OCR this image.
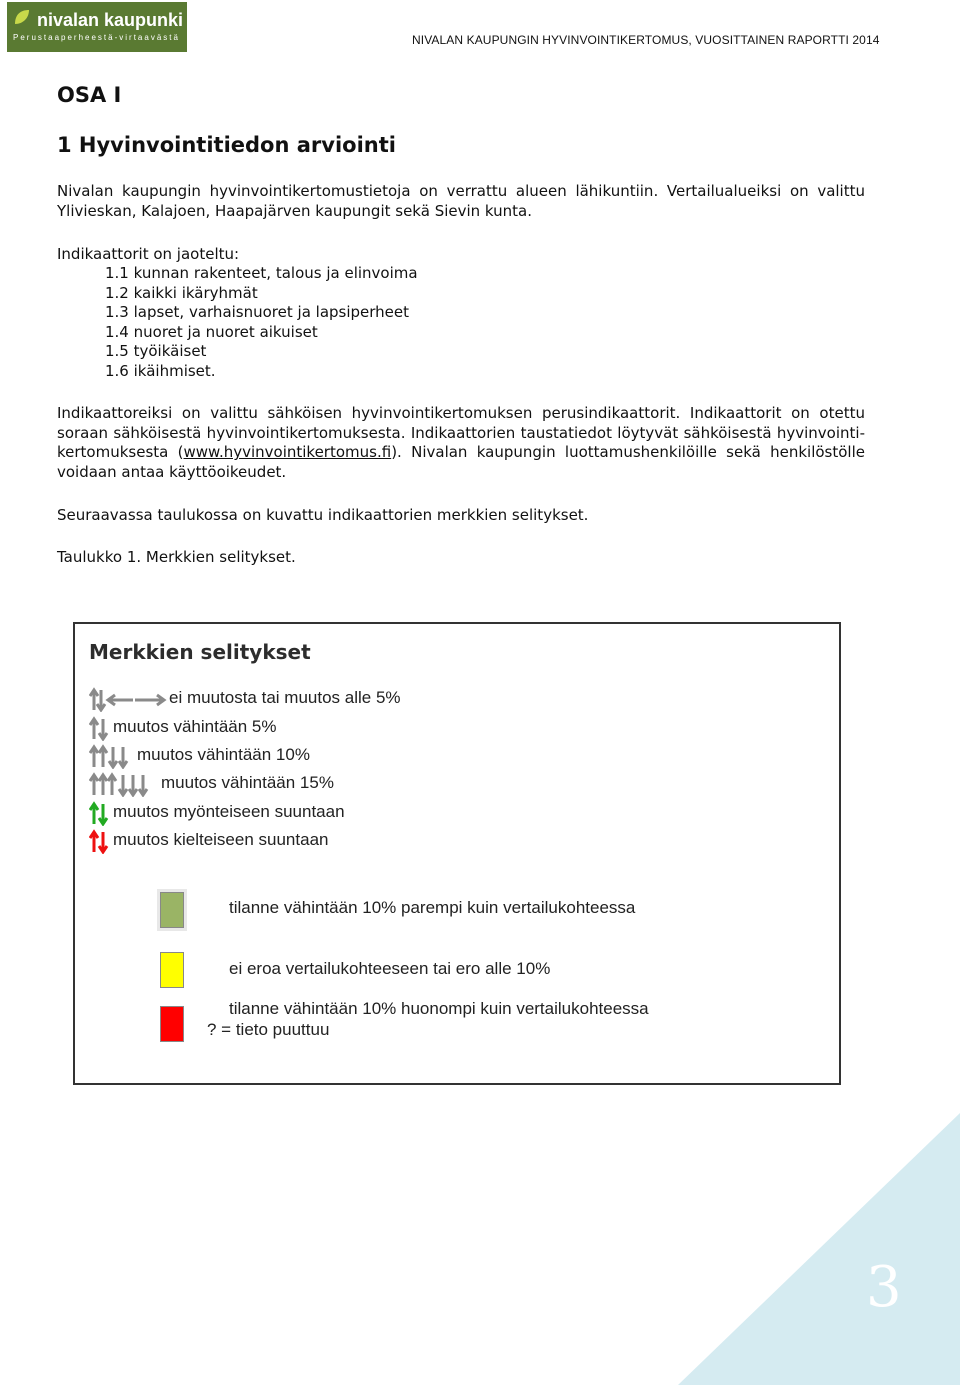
nivalan kaupunki
Perustaaperheestä-virtaavästä	NIVALAN KAUPUNGIN HYVINVOINTIKERTOMUS, VUOSITTAINEN RAPORTTI 2014
OSA I
1 Hyvinvointitiedon arviointi

Nivalan kaupungin hyvinvointikertomustietoja on verrattu alueen lähikuntiin. Vertailualueiksi on valittu Ylivieskan, Kalajoen, Haapajärven kaupungit sekä Sievin kunta.

Indikaattorit on jaoteltu:

1.1 kunnan rakenteet, talous ja elinvoima
1.2 kaikki ikäryhmät
1.3 lapset, varhaisnuoret ja lapsiperheet
1.4 nuoret ja nuoret aikuiset
1.5 työikäiset
1.6 ikäihmiset.

Indikaattoreiksi on valittu sähköisen hyvinvointikertomuksen perusindikaattorit. Indikaattorit on otettu soraan sähköisestä hyvinvointikertomuksesta. Indikaattorien taustatiedot löytyvät sähköisestä hyvinvointi-kertomuksesta (www.hyvinvointikertomus.fi). Nivalan kaupungin luottamushenkilöille sekä henkilöstölle voidaan antaa käyttöoikeudet.

Seuraavassa taulukossa on kuvattu indikaattorien merkkien selitykset.

Taulukko 1. Merkkien selitykset.

Merkkien selitykset
ei muutosta tai muutos alle 5%
muutos vähintään 5%
muutos vähintään 10%
muutos vähintään 15%
muutos myönteiseen suuntaan
muutos kielteiseen suuntaan
tilanne vähintään 10% parempi kuin vertailukohteessa
ei eroa vertailukohteeseen tai ero alle 10%
tilanne vähintään 10% huonompi kuin vertailukohteessa
? = tieto puuttuu
3
